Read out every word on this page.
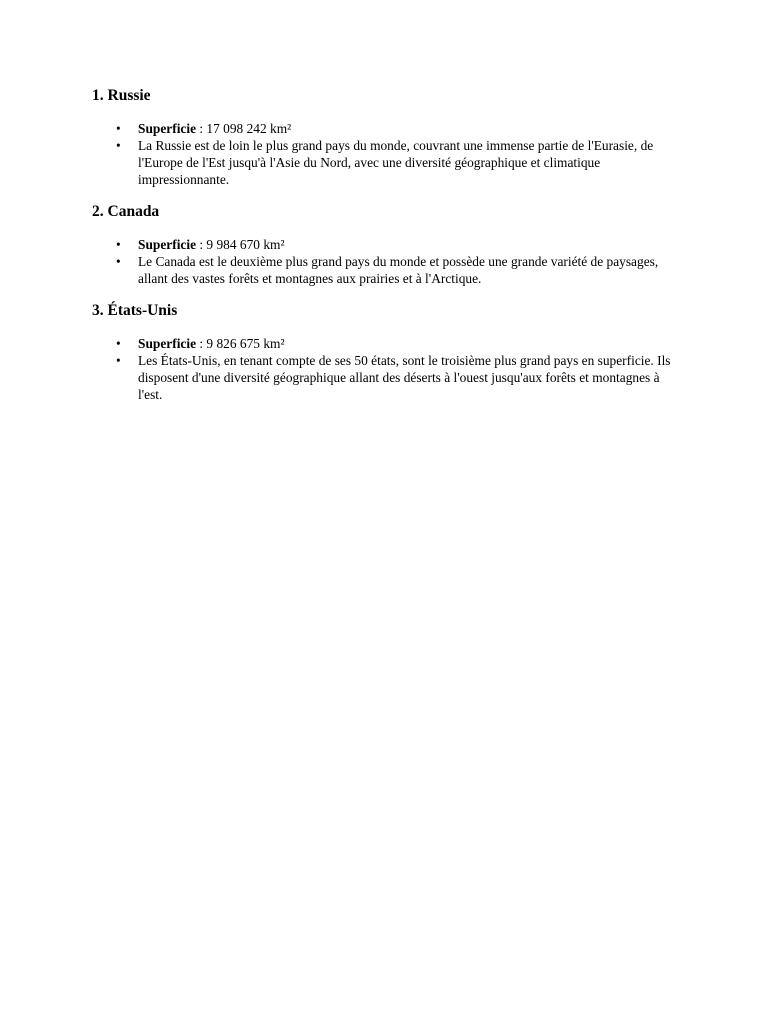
1. Russie
• Superficie : 17 098 242 km²
• La Russie est de loin le plus grand pays du monde, couvrant une immense partie de l'Eurasie, de l'Europe de l'Est jusqu'à l'Asie du Nord, avec une diversité géographique et climatique impressionnante.
2. Canada
• Superficie : 9 984 670 km²
• Le Canada est le deuxième plus grand pays du monde et possède une grande variété de paysages, allant des vastes forêts et montagnes aux prairies et à l'Arctique.
3. États-Unis
• Superficie : 9 826 675 km²
• Les États-Unis, en tenant compte de ses 50 états, sont le troisième plus grand pays en superficie. Ils disposent d'une diversité géographique allant des déserts à l'ouest jusqu'aux forêts et montagnes à l'est.
